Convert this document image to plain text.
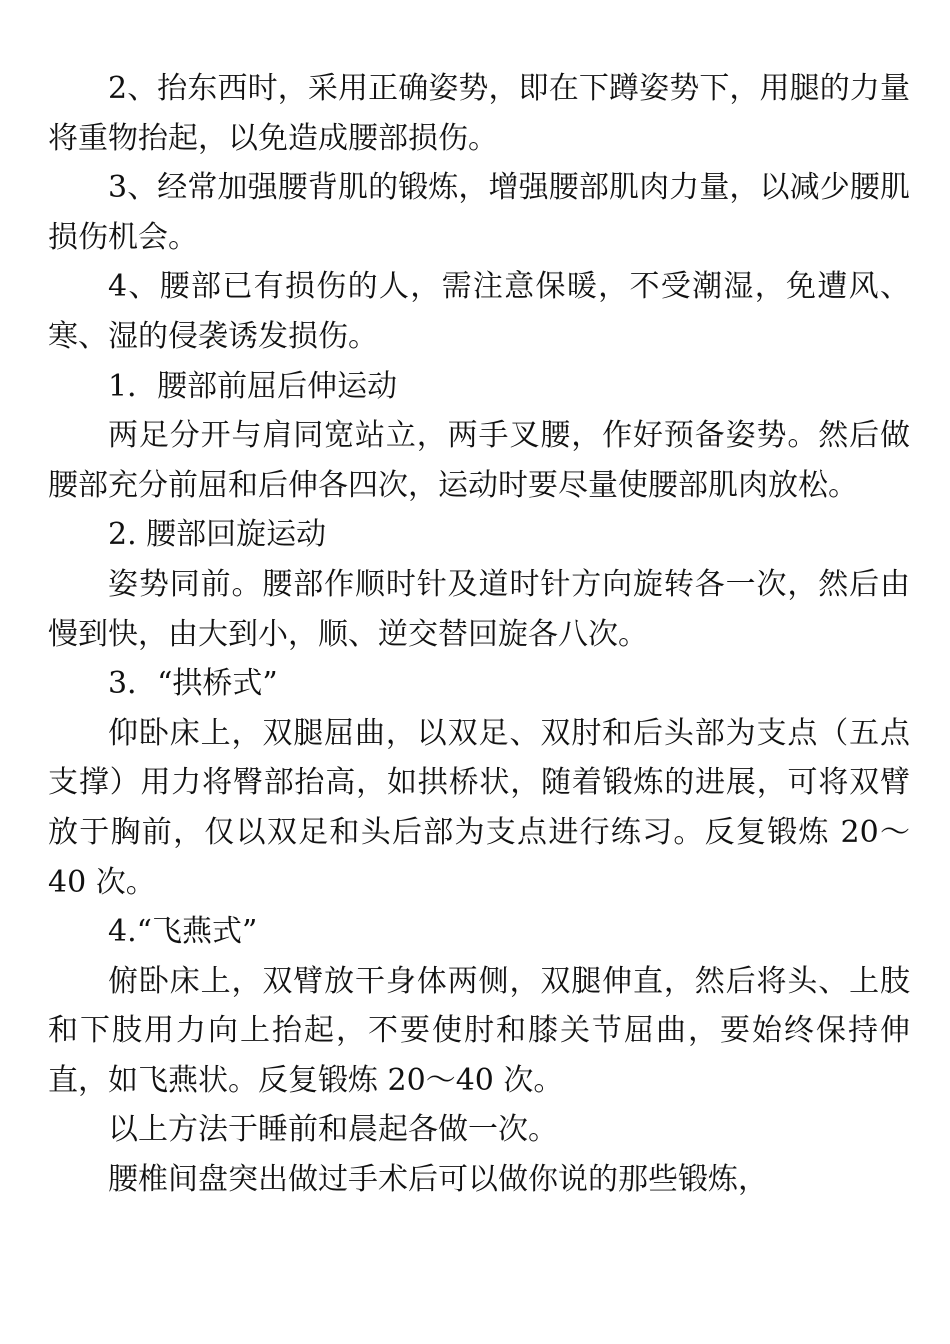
2、抬东西时，采用正确姿势，即在下蹲姿势下，用腿的力量将重物抬起，以免造成腰部损伤。

3、经常加强腰背肌的锻炼，增强腰部肌肉力量，以减少腰肌损伤机会。

4、腰部已有损伤的人，需注意保暖，不受潮湿，免遭风、寒、湿的侵袭诱发损伤。

1．腰部前屈后伸运动

两足分开与肩同宽站立，两手叉腰，作好预备姿势。然后做腰部充分前屈和后伸各四次，运动时要尽量使腰部肌肉放松。

2. 腰部回旋运动

姿势同前。腰部作顺时针及道时针方向旋转各一次，然后由慢到快，由大到小，顺、逆交替回旋各八次。

3．“拱桥式”

仰卧床上，双腿屈曲，以双足、双肘和后头部为支点（五点支撑）用力将臀部抬高，如拱桥状，随着锻炼的进展，可将双臂放于胸前，仅以双足和头后部为支点进行练习。反复锻炼 20～40 次。

4.“飞燕式”

俯卧床上，双臂放干身体两侧，双腿伸直，然后将头、上肢和下肢用力向上抬起，不要使肘和膝关节屈曲，要始终保持伸直，如飞燕状。反复锻炼 20～40 次。

以上方法于睡前和晨起各做一次。

腰椎间盘突出做过手术后可以做你说的那些锻炼，
